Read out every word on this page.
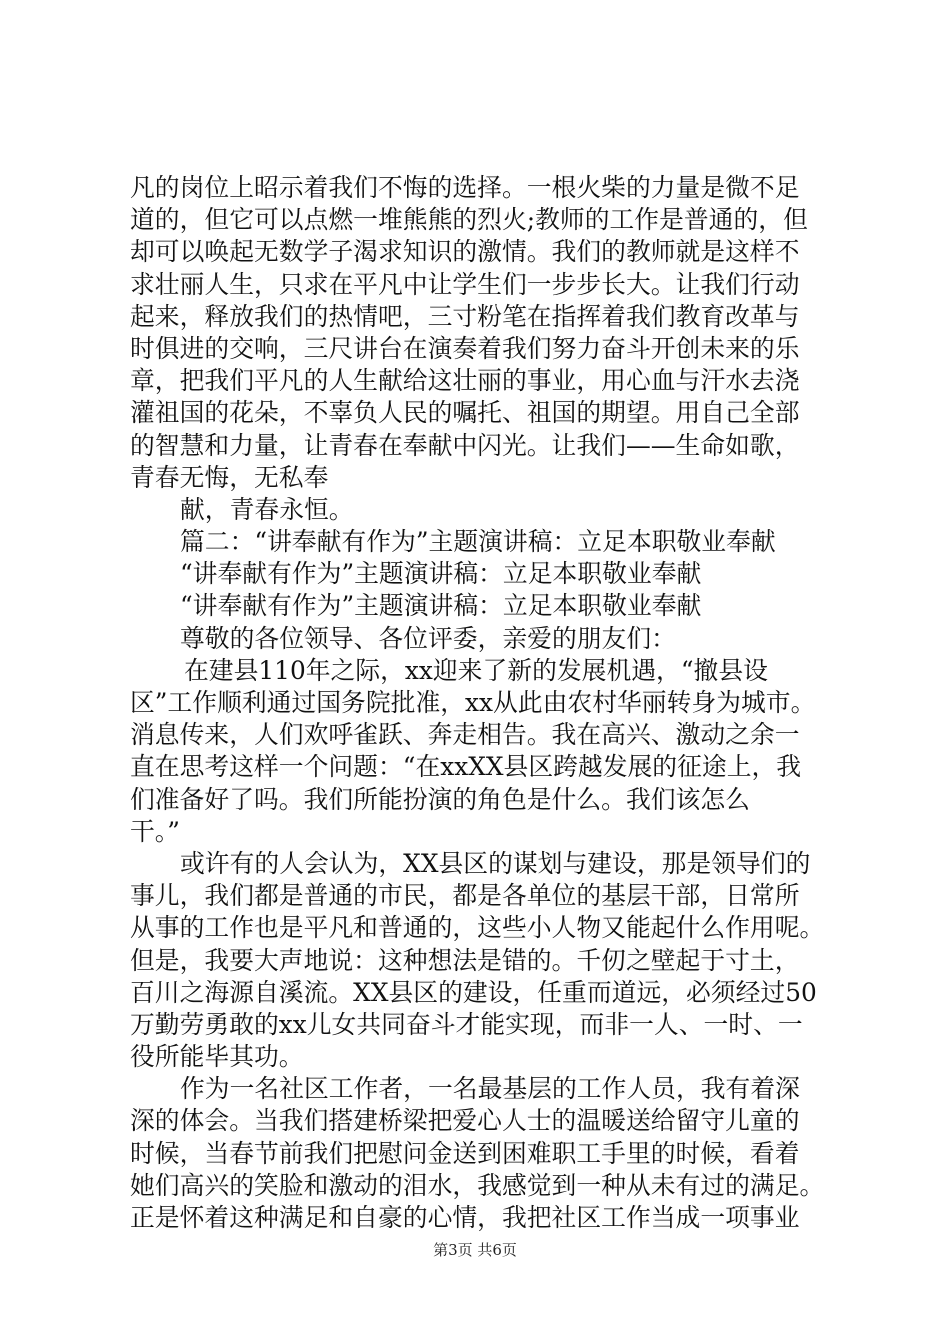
凡的岗位上昭示着我们不悔的选择。一根火柴的力量是微不足
道的，但它可以点燃一堆熊熊的烈火;教师的工作是普通的，但
却可以唤起无数学子渴求知识的激情。我们的教师就是这样不
求壮丽人生，只求在平凡中让学生们一步步长大。让我们行动
起来，释放我们的热情吧，三寸粉笔在指挥着我们教育改革与
时俱进的交响，三尺讲台在演奏着我们努力奋斗开创未来的乐
章，把我们平凡的人生献给这壮丽的事业，用心血与汗水去浇
灌祖国的花朵，不辜负人民的嘱托、祖国的期望。用自己全部
的智慧和力量，让青春在奉献中闪光。让我们——生命如歌，
青春无悔，无私奉
献，青春永恒。
篇二：“讲奉献有作为”主题演讲稿：立足本职敬业奉献
“讲奉献有作为”主题演讲稿：立足本职敬业奉献
“讲奉献有作为”主题演讲稿：立足本职敬业奉献
尊敬的各位领导、各位评委，亲爱的朋友们：
在建县110年之际，xx迎来了新的发展机遇，“撤县设
区”工作顺利通过国务院批准，xx从此由农村华丽转身为城市。
消息传来，人们欢呼雀跃、奔走相告。我在高兴、激动之余一
直在思考这样一个问题：“在xxXX县区跨越发展的征途上，我
们准备好了吗。我们所能扮演的角色是什么。我们该怎么
干。”
或许有的人会认为，XX县区的谋划与建设，那是领导们的
事儿，我们都是普通的市民，都是各单位的基层干部，日常所
从事的工作也是平凡和普通的，这些小人物又能起什么作用呢。
但是，我要大声地说：这种想法是错的。千仞之壁起于寸土，
百川之海源自溪流。XX县区的建设，任重而道远，必须经过50
万勤劳勇敢的xx儿女共同奋斗才能实现，而非一人、一时、一
役所能毕其功。
作为一名社区工作者，一名最基层的工作人员，我有着深
深的体会。当我们搭建桥梁把爱心人士的温暖送给留守儿童的
时候，当春节前我们把慰问金送到困难职工手里的时候，看着
她们高兴的笑脸和激动的泪水，我感觉到一种从未有过的满足。
正是怀着这种满足和自豪的心情，我把社区工作当成一项事业
第3页 共6页
